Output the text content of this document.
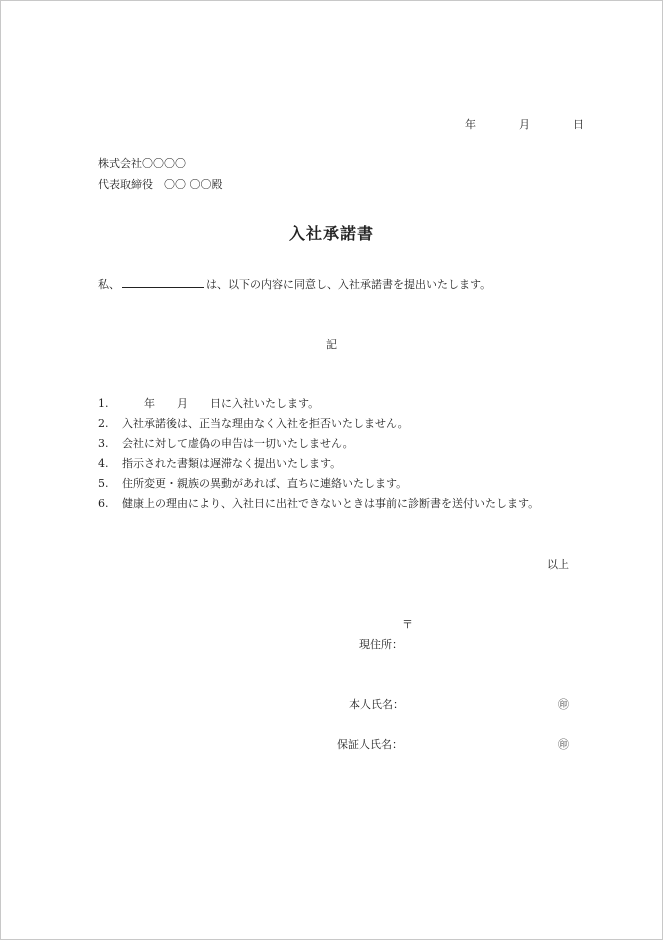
年	月	日
株式会社〇〇〇〇
代表取締役　〇〇 〇〇殿
入社承諾書
私、	は、以下の内容に同意し、入社承諾書を提出いたします。
記
1.　　年　　月　　日に入社いたします。
2. 入社承諾後は、正当な理由なく入社を拒否いたしません。
3. 会社に対して虚偽の申告は一切いたしません。
4. 指示された書類は遅滞なく提出いたします。
5. 住所変更・親族の異動があれば、直ちに連絡いたします。
6. 健康上の理由により、入社日に出社できないときは事前に診断書を送付いたします。
以上
〒
現住所：
本人氏名：	㊞
保証人氏名：	㊞
